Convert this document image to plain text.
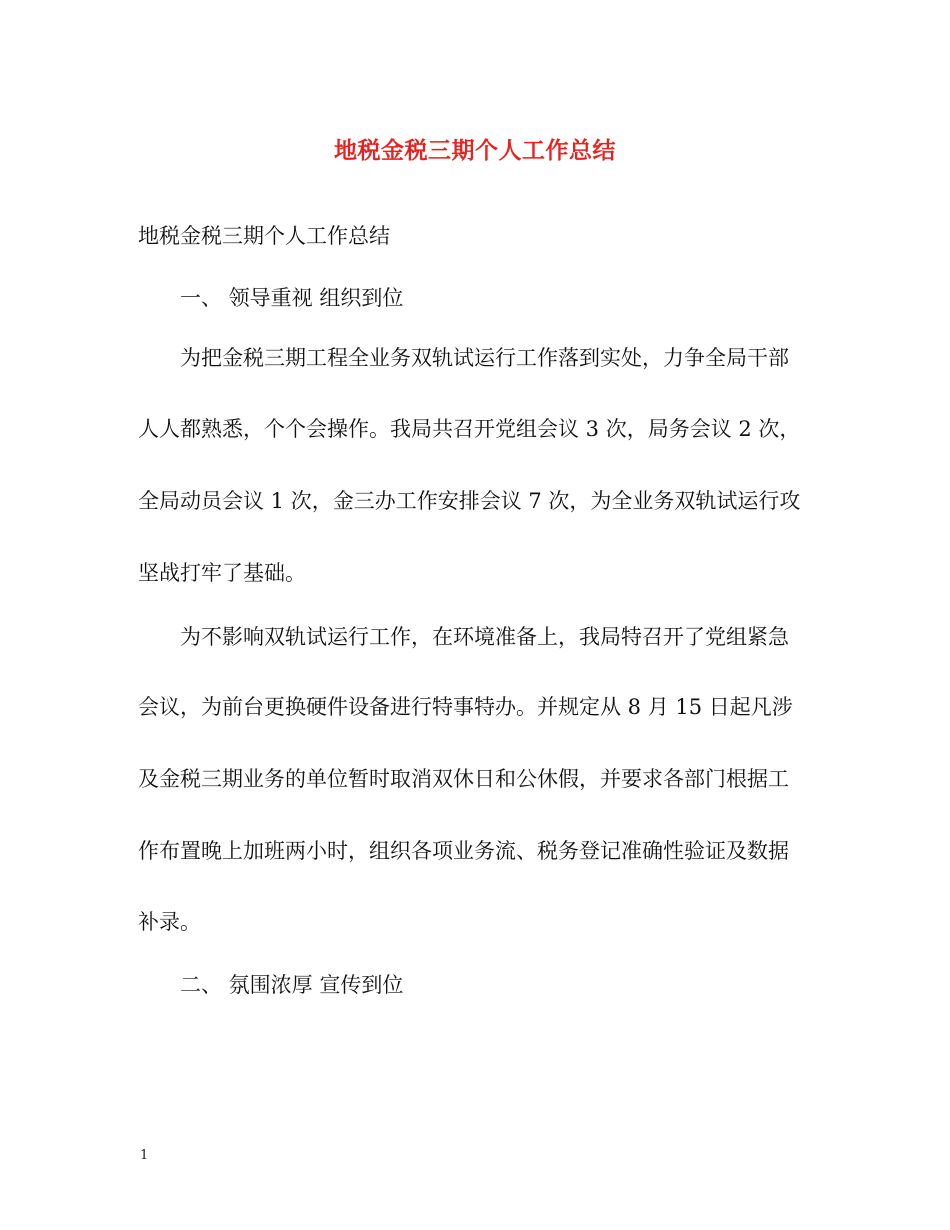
地税金税三期个人工作总结

地税金税三期个人工作总结

一、 领导重视 组织到位

为把金税三期工程全业务双轨试运行工作落到实处，力争全局干部

人人都熟悉，个个会操作。我局共召开党组会议 3 次，局务会议 2 次，

全局动员会议 1 次，金三办工作安排会议 7 次，为全业务双轨试运行攻

坚战打牢了基础。

为不影响双轨试运行工作，在环境准备上，我局特召开了党组紧急

会议，为前台更换硬件设备进行特事特办。并规定从 8 月 15 日起凡涉

及金税三期业务的单位暂时取消双休日和公休假，并要求各部门根据工

作布置晚上加班两小时，组织各项业务流、税务登记准确性验证及数据

补录。

二、 氛围浓厚 宣传到位

1
